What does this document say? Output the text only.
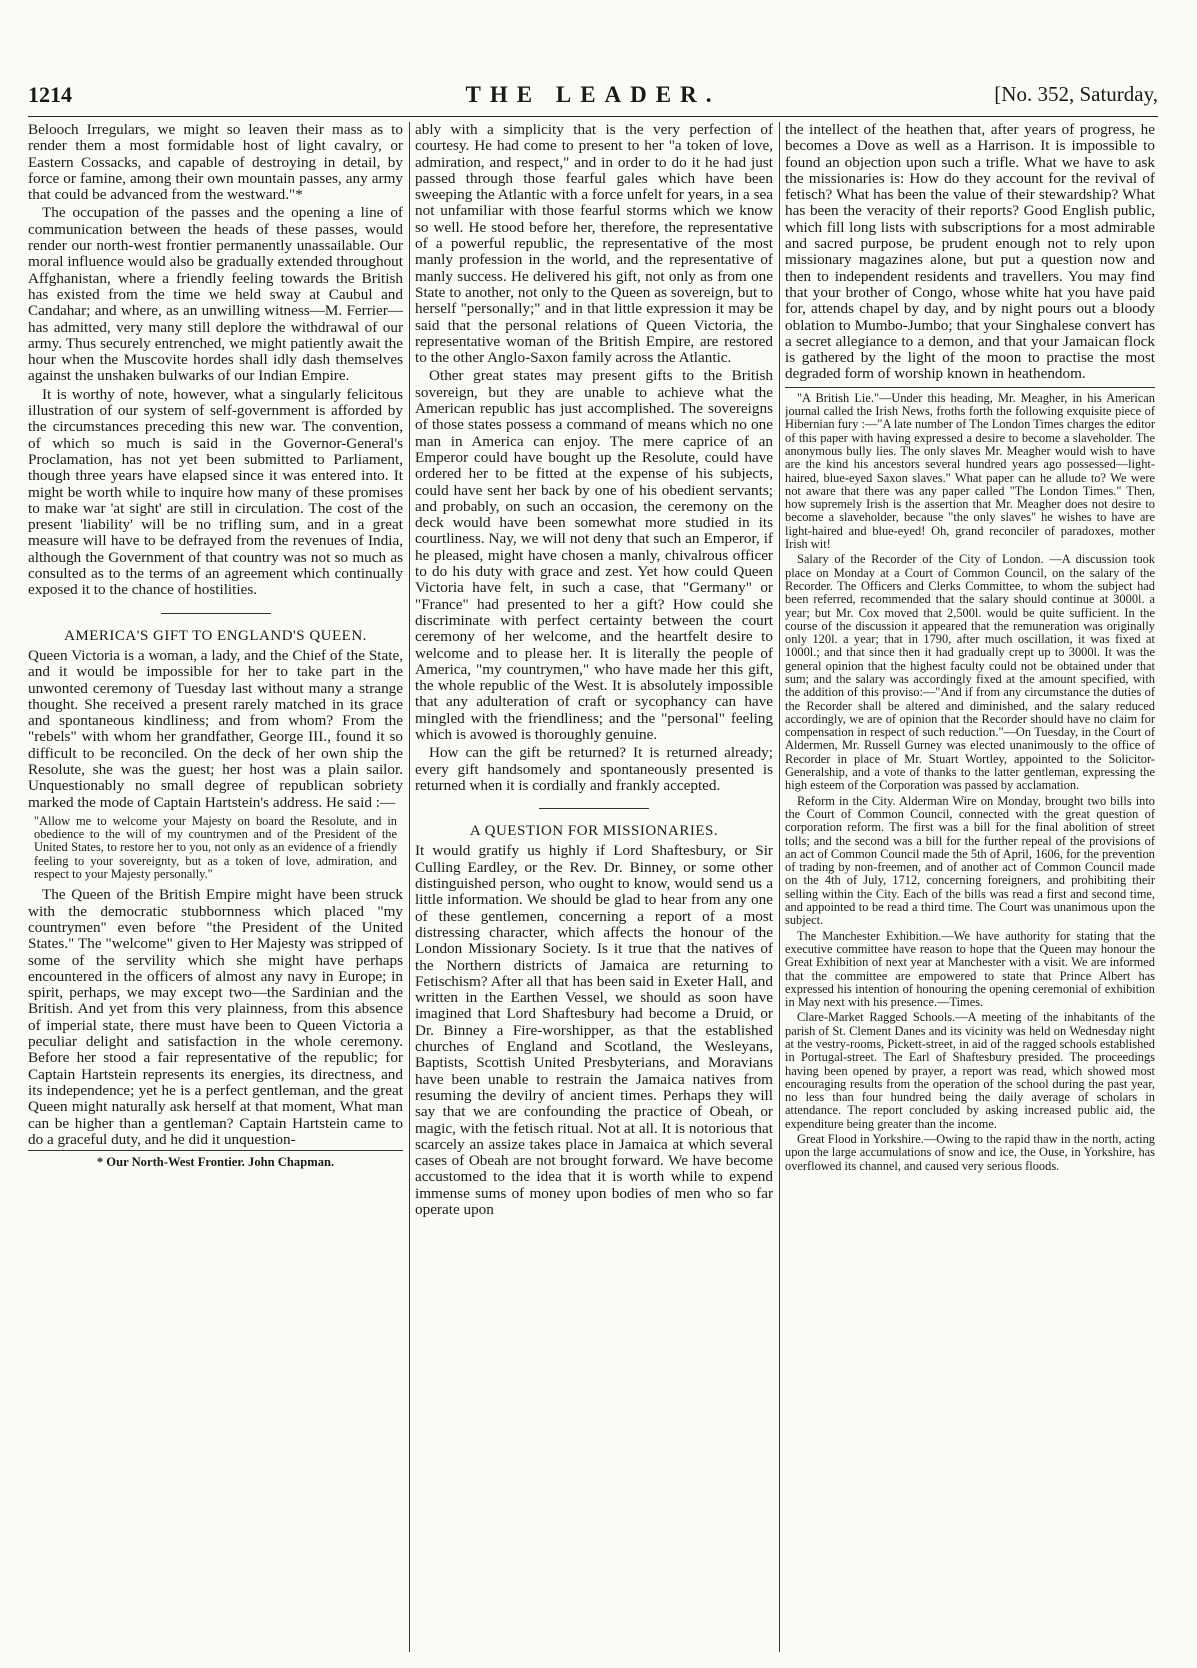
1214	THE LEADER.	[No. 352, Saturday,

Belooch Irregulars, we might so leaven their mass as to render them a most formidable host of light cavalry, or Eastern Cossacks, and capable of destroying in detail, by force or famine, among their own mountain passes, any army that could be advanced from the westward."*

The occupation of the passes and the opening a line of communication between the heads of these passes, would render our north-west frontier permanently unassailable. Our moral influence would also be gradually extended throughout Affghanistan, where a friendly feeling towards the British has existed from the time we held sway at Caubul and Candahar; and where, as an unwilling witness—M. Ferrier—has admitted, very many still deplore the withdrawal of our army. Thus securely entrenched, we might patiently await the hour when the Muscovite hordes shall idly dash themselves against the unshaken bulwarks of our Indian Empire.

It is worthy of note, however, what a singularly felicitous illustration of our system of self-government is afforded by the circumstances preceding this new war. The convention, of which so much is said in the Governor-General's Proclamation, has not yet been submitted to Parliament, though three years have elapsed since it was entered into. It might be worth while to inquire how many of these promises to make war 'at sight' are still in circulation. The cost of the present 'liability' will be no trifling sum, and in a great measure will have to be defrayed from the revenues of India, although the Government of that country was not so much as consulted as to the terms of an agreement which continually exposed it to the chance of hostilities.

AMERICA'S GIFT TO ENGLAND'S QUEEN.

Queen Victoria is a woman, a lady, and the Chief of the State, and it would be impossible for her to take part in the unwonted ceremony of Tuesday last without many a strange thought. She received a present rarely matched in its grace and spontaneous kindliness; and from whom? From the "rebels" with whom her grandfather, George III., found it so difficult to be reconciled. On the deck of her own ship the Resolute, she was the guest; her host was a plain sailor. Unquestionably no small degree of republican sobriety marked the mode of Captain Hartstein's address. He said :—

"Allow me to welcome your Majesty on board the Resolute, and in obedience to the will of my countrymen and of the President of the United States, to restore her to you, not only as an evidence of a friendly feeling to your sovereignty, but as a token of love, admiration, and respect to your Majesty personally."

The Queen of the British Empire might have been struck with the democratic stubbornness which placed "my countrymen" even before "the President of the United States." The "welcome" given to Her Majesty was stripped of some of the servility which she might have perhaps encountered in the officers of almost any navy in Europe; in spirit, perhaps, we may except two—the Sardinian and the British. And yet from this very plainness, from this absence of imperial state, there must have been to Queen Victoria a peculiar delight and satisfaction in the whole ceremony. Before her stood a fair representative of the republic; for Captain Hartstein represents its energies, its directness, and its independence; yet he is a perfect gentleman, and the great Queen might naturally ask herself at that moment, What man can be higher than a gentleman? Captain Hartstein came to do a graceful duty, and he did it unquestion-

* Our North-West Frontier. John Chapman.

ably with a simplicity that is the very perfection of courtesy. He had come to present to her "a token of love, admiration, and respect," and in order to do it he had just passed through those fearful gales which have been sweeping the Atlantic with a force unfelt for years, in a sea not unfamiliar with those fearful storms which we know so well. He stood before her, therefore, the representative of a powerful republic, the representative of the most manly profession in the world, and the representative of manly success. He delivered his gift, not only as from one State to another, not only to the Queen as sovereign, but to herself "personally;" and in that little expression it may be said that the personal relations of Queen Victoria, the representative woman of the British Empire, are restored to the other Anglo-Saxon family across the Atlantic.

Other great states may present gifts to the British sovereign, but they are unable to achieve what the American republic has just accomplished. The sovereigns of those states possess a command of means which no one man in America can enjoy. The mere caprice of an Emperor could have bought up the Resolute, could have ordered her to be fitted at the expense of his subjects, could have sent her back by one of his obedient servants; and probably, on such an occasion, the ceremony on the deck would have been somewhat more studied in its courtliness. Nay, we will not deny that such an Emperor, if he pleased, might have chosen a manly, chivalrous officer to do his duty with grace and zest. Yet how could Queen Victoria have felt, in such a case, that "Germany" or "France" had presented to her a gift? How could she discriminate with perfect certainty between the court ceremony of her welcome, and the heartfelt desire to welcome and to please her. It is literally the people of America, "my countrymen," who have made her this gift, the whole republic of the West. It is absolutely impossible that any adulteration of craft or sycophancy can have mingled with the friendliness; and the "personal" feeling which is avowed is thoroughly genuine.

How can the gift be returned? It is returned already; every gift handsomely and spontaneously presented is returned when it is cordially and frankly accepted.

A QUESTION FOR MISSIONARIES.

It would gratify us highly if Lord Shaftesbury, or Sir Culling Eardley, or the Rev. Dr. Binney, or some other distinguished person, who ought to know, would send us a little information. We should be glad to hear from any one of these gentlemen, concerning a report of a most distressing character, which affects the honour of the London Missionary Society. Is it true that the natives of the Northern districts of Jamaica are returning to Fetischism? After all that has been said in Exeter Hall, and written in the Earthen Vessel, we should as soon have imagined that Lord Shaftesbury had become a Druid, or Dr. Binney a Fire-worshipper, as that the established churches of England and Scotland, the Wesleyans, Baptists, Scottish United Presbyterians, and Moravians have been unable to restrain the Jamaica natives from resuming the devilry of ancient times. Perhaps they will say that we are confounding the practice of Obeah, or magic, with the fetisch ritual. Not at all. It is notorious that scarcely an assize takes place in Jamaica at which several cases of Obeah are not brought forward. We have become accustomed to the idea that it is worth while to expend immense sums of money upon bodies of men who so far operate upon

the intellect of the heathen that, after years of progress, he becomes a Dove as well as a Harrison. It is impossible to found an objection upon such a trifle. What we have to ask the missionaries is: How do they account for the revival of fetisch? What has been the value of their stewardship? What has been the veracity of their reports? Good English public, which fill long lists with subscriptions for a most admirable and sacred purpose, be prudent enough not to rely upon missionary magazines alone, but put a question now and then to independent residents and travellers. You may find that your brother of Congo, whose white hat you have paid for, attends chapel by day, and by night pours out a bloody oblation to Mumbo-Jumbo; that your Singhalese convert has a secret allegiance to a demon, and that your Jamaican flock is gathered by the light of the moon to practise the most degraded form of worship known in heathendom.

"A British Lie."—Under this heading, Mr. Meagher, in his American journal called the Irish News, froths forth the following exquisite piece of Hibernian fury :—"A late number of The London Times charges the editor of this paper with having expressed a desire to become a slaveholder. The anonymous bully lies. The only slaves Mr. Meagher would wish to have are the kind his ancestors several hundred years ago possessed—light-haired, blue-eyed Saxon slaves." What paper can he allude to? We were not aware that there was any paper called "The London Times." Then, how supremely Irish is the assertion that Mr. Meagher does not desire to become a slaveholder, because "the only slaves" he wishes to have are light-haired and blue-eyed! Oh, grand reconciler of paradoxes, mother Irish wit!

Salary of the Recorder of the City of London. —A discussion took place on Monday at a Court of Common Council, on the salary of the Recorder. The Officers and Clerks Committee, to whom the subject had been referred, recommended that the salary should continue at 3000l. a year; but Mr. Cox moved that 2,500l. would be quite sufficient. In the course of the discussion it appeared that the remuneration was originally only 120l. a year; that in 1790, after much oscillation, it was fixed at 1000l.; and that since then it had gradually crept up to 3000l. It was the general opinion that the highest faculty could not be obtained under that sum; and the salary was accordingly fixed at the amount specified, with the addition of this proviso:—"And if from any circumstance the duties of the Recorder shall be altered and diminished, and the salary reduced accordingly, we are of opinion that the Recorder should have no claim for compensation in respect of such reduction."—On Tuesday, in the Court of Aldermen, Mr. Russell Gurney was elected unanimously to the office of Recorder in place of Mr. Stuart Wortley, appointed to the Solicitor-Generalship, and a vote of thanks to the latter gentleman, expressing the high esteem of the Corporation was passed by acclamation.

Reform in the City. Alderman Wire on Monday, brought two bills into the Court of Common Council, connected with the great question of corporation reform. The first was a bill for the final abolition of street tolls; and the second was a bill for the further repeal of the provisions of an act of Common Council made the 5th of April, 1606, for the prevention of trading by non-freemen, and of another act of Common Council made on the 4th of July, 1712, concerning foreigners, and prohibiting their selling within the City. Each of the bills was read a first and second time, and appointed to be read a third time. The Court was unanimous upon the subject.

The Manchester Exhibition.—We have authority for stating that the executive committee have reason to hope that the Queen may honour the Great Exhibition of next year at Manchester with a visit. We are informed that the committee are empowered to state that Prince Albert has expressed his intention of honouring the opening ceremonial of exhibition in May next with his presence.—Times.

Clare-Market Ragged Schools.—A meeting of the inhabitants of the parish of St. Clement Danes and its vicinity was held on Wednesday night at the vestry-rooms, Pickett-street, in aid of the ragged schools established in Portugal-street. The Earl of Shaftesbury presided. The proceedings having been opened by prayer, a report was read, which showed most encouraging results from the operation of the school during the past year, no less than four hundred being the daily average of scholars in attendance. The report concluded by asking increased public aid, the expenditure being greater than the income.

Great Flood in Yorkshire.—Owing to the rapid thaw in the north, acting upon the large accumulations of snow and ice, the Ouse, in Yorkshire, has overflowed its channel, and caused very serious floods.
